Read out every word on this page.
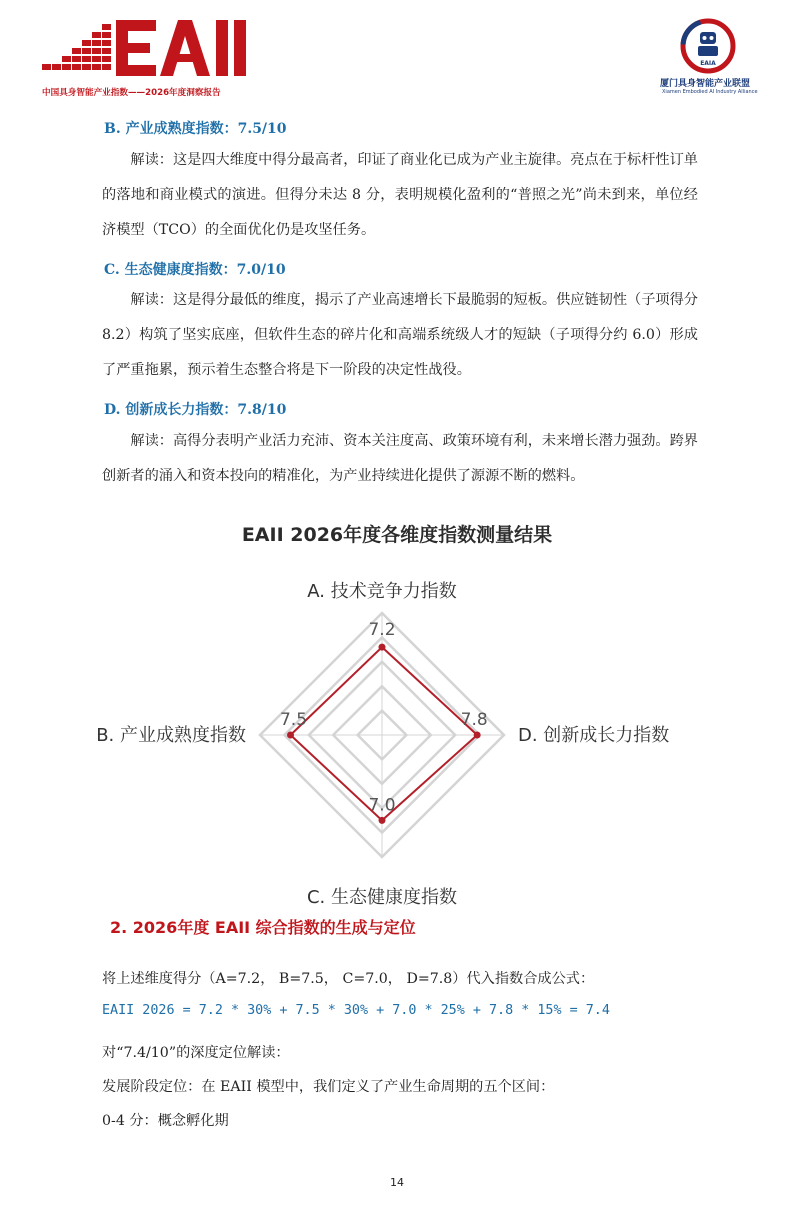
中国具身智能产业指数——2026年度洞察报告
EAIA
厦门具身智能产业联盟
Xiamen Embodied AI Industry Alliance
B. 产业成熟度指数：7.5/10
解读：这是四大维度中得分最高者，印证了商业化已成为产业主旋律。亮点在于标杆性订单的落地和商业模式的演进。但得分未达 8 分，表明规模化盈利的“普照之光”尚未到来，单位经济模型（TCO）的全面优化仍是攻坚任务。
C. 生态健康度指数：7.0/10
解读：这是得分最低的维度，揭示了产业高速增长下最脆弱的短板。供应链韧性（子项得分 8.2）构筑了坚实底座，但软件生态的碎片化和高端系统级人才的短缺（子项得分约 6.0）形成了严重拖累，预示着生态整合将是下一阶段的决定性战役。
D. 创新成长力指数：7.8/10
解读：高得分表明产业活力充沛、资本关注度高、政策环境有利，未来增长潜力强劲。跨界创新者的涌入和资本投向的精准化，为产业持续进化提供了源源不断的燃料。
EAII 2026年度各维度指数测量结果
7.2
7.8
7.0
7.5
A. 技术竞争力指数
D. 创新成长力指数
C. 生态健康度指数
B. 产业成熟度指数
2. 2026年度 EAII 综合指数的生成与定位
将上述维度得分（A=7.2， B=7.5， C=7.0， D=7.8）代入指数合成公式：
EAII 2026 = 7.2 * 30% + 7.5 * 30% + 7.0 * 25% + 7.8 * 15% = 7.4
对“7.4/10”的深度定位解读：
发展阶段定位：在 EAII 模型中，我们定义了产业生命周期的五个区间：
0-4 分：概念孵化期
14
